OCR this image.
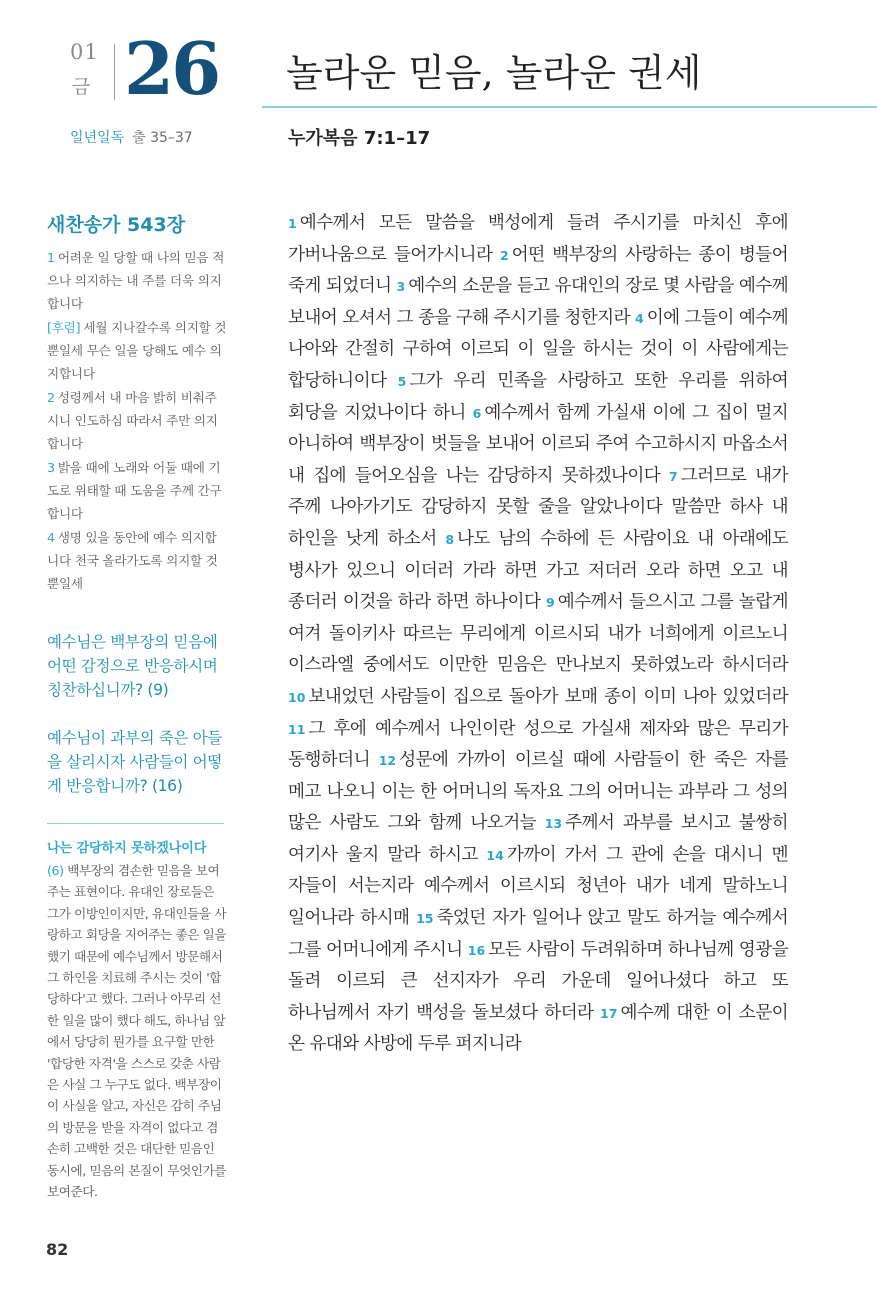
01
금 26 놀라운 믿음, 놀라운 권세
일년일독 출 35–37	누가복음 7:1–17
새찬송가 543장
1 어려운 일 당할 때 나의 믿음 적으나 의지하는 내 주를 더욱 의지합니다
[후렴] 세월 지나갈수록 의지할 것뿐일세 무슨 일을 당해도 예수 의지합니다
2 성령께서 내 마음 밝히 비춰주시니 인도하심 따라서 주만 의지합니다
3 밝을 때에 노래와 어둘 때에 기도로 위태할 때 도움을 주께 간구합니다
4 생명 있을 동안에 예수 의지합니다 천국 올라가도록 의지할 것뿐일세
예수님은 백부장의 믿음에 어떤 감정으로 반응하시며 칭찬하십니까? (9)
예수님이 과부의 죽은 아들을 살리시자 사람들이 어떻게 반응합니까? (16)
나는 감당하지 못하겠나이다
(6) 백부장의 겸손한 믿음을 보여주는 표현이다. 유대인 장로들은 그가 이방인이지만, 유대인들을 사랑하고 회당을 지어주는 좋은 일을 했기 때문에 예수님께서 방문해서 그 하인을 치료해 주시는 것이 '합당하다'고 했다. 그러나 아무리 선한 일을 많이 했다 해도, 하나님 앞에서 당당히 뭔가를 요구할 만한 '합당한 자격'을 스스로 갖춘 사람은 사실 그 누구도 없다. 백부장이 이 사실을 알고, 자신은 감히 주님의 방문을 받을 자격이 없다고 겸손히 고백한 것은 대단한 믿음인 동시에, 믿음의 본질이 무엇인가를 보여준다.
82
1 예수께서 모든 말씀을 백성에게 들려 주시기를 마치신 후에 가버나움으로 들어가시니라 2 어떤 백부장의 사랑하는 종이 병들어 죽게 되었더니 3 예수의 소문을 듣고 유대인의 장로 몇 사람을 예수께 보내어 오셔서 그 종을 구해 주시기를 청한지라 4 이에 그들이 예수께 나아와 간절히 구하여 이르되 이 일을 하시는 것이 이 사람에게는 합당하니이다 5 그가 우리 민족을 사랑하고 또한 우리를 위하여 회당을 지었나이다 하니 6 예수께서 함께 가실새 이에 그 집이 멀지 아니하여 백부장이 벗들을 보내어 이르되 주여 수고하시지 마옵소서 내 집에 들어오심을 나는 감당하지 못하겠나이다 7 그러므로 내가 주께 나아가기도 감당하지 못할 줄을 알았나이다 말씀만 하사 내 하인을 낫게 하소서 8 나도 남의 수하에 든 사람이요 내 아래에도 병사가 있으니 이더러 가라 하면 가고 저더러 오라 하면 오고 내 종더러 이것을 하라 하면 하나이다 9 예수께서 들으시고 그를 놀랍게 여겨 돌이키사 따르는 무리에게 이르시되 내가 너희에게 이르노니 이스라엘 중에서도 이만한 믿음은 만나보지 못하였노라 하시더라 10 보내었던 사람들이 집으로 돌아가 보매 종이 이미 나아 있었더라 11 그 후에 예수께서 나인이란 성으로 가실새 제자와 많은 무리가 동행하더니 12 성문에 가까이 이르실 때에 사람들이 한 죽은 자를 메고 나오니 이는 한 어머니의 독자요 그의 어머니는 과부라 그 성의 많은 사람도 그와 함께 나오거늘 13 주께서 과부를 보시고 불쌍히 여기사 울지 말라 하시고 14 가까이 가서 그 관에 손을 대시니 멘 자들이 서는지라 예수께서 이르시되 청년아 내가 네게 말하노니 일어나라 하시매 15 죽었던 자가 일어나 앉고 말도 하거늘 예수께서 그를 어머니에게 주시니 16 모든 사람이 두려워하며 하나님께 영광을 돌려 이르되 큰 선지자가 우리 가운데 일어나셨다 하고 또 하나님께서 자기 백성을 돌보셨다 하더라 17 예수께 대한 이 소문이 온 유대와 사방에 두루 퍼지니라
